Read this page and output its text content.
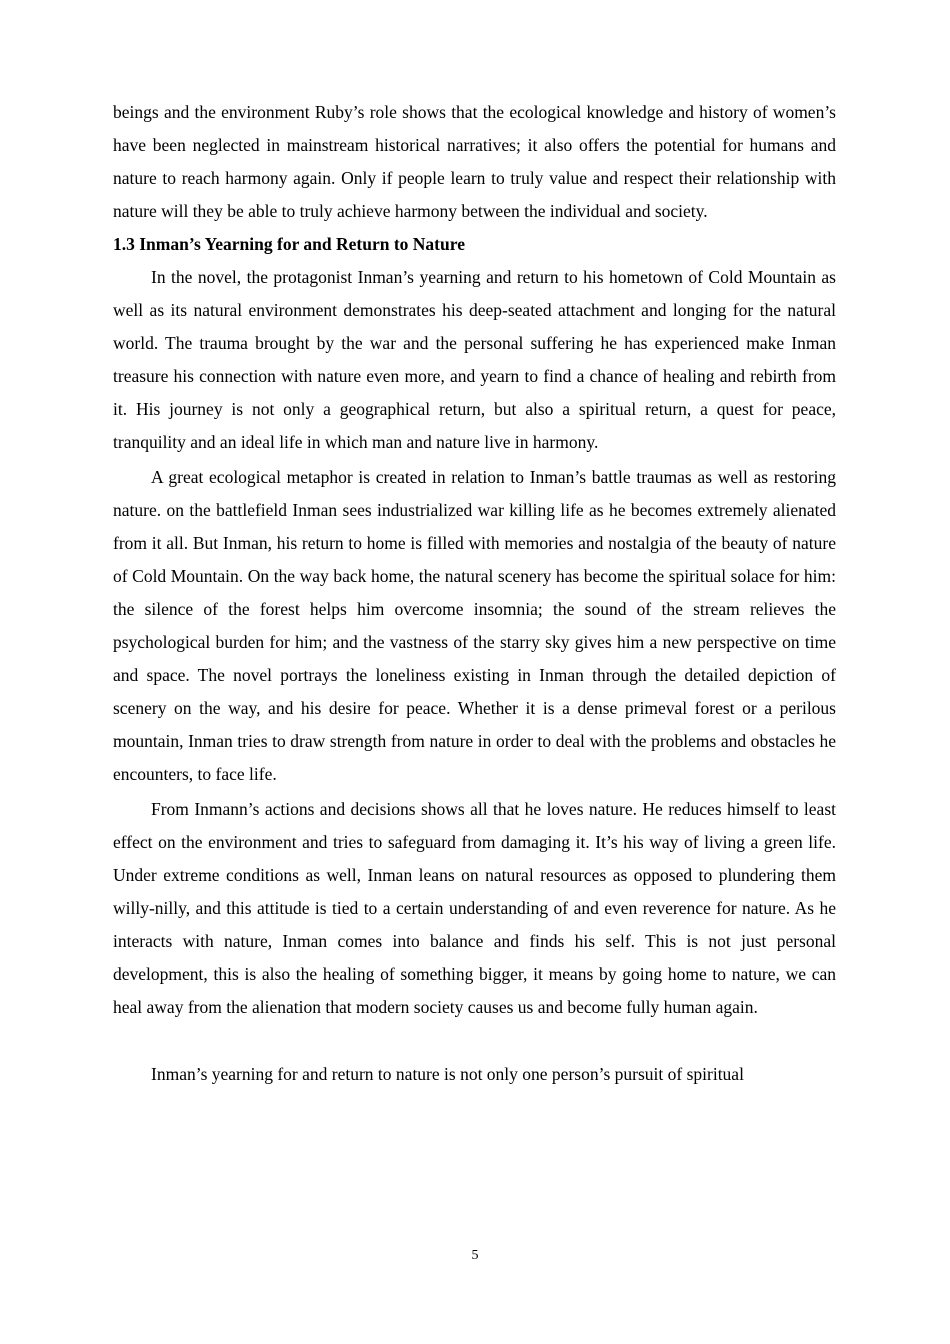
beings and the environment Ruby’s role shows that the ecological knowledge and history of women’s have been neglected in mainstream historical narratives; it also offers the potential for humans and nature to reach harmony again. Only if people learn to truly value and respect their relationship with nature will they be able to truly achieve harmony between the individual and society.

1.3 Inman’s Yearning for and Return to Nature

In the novel, the protagonist Inman’s yearning and return to his hometown of Cold Mountain as well as its natural environment demonstrates his deep-seated attachment and longing for the natural world. The trauma brought by the war and the personal suffering he has experienced make Inman treasure his connection with nature even more, and yearn to find a chance of healing and rebirth from it. His journey is not only a geographical return, but also a spiritual return, a quest for peace, tranquility and an ideal life in which man and nature live in harmony.

A great ecological metaphor is created in relation to Inman’s battle traumas as well as restoring nature. on the battlefield Inman sees industrialized war killing life as he becomes extremely alienated from it all. But Inman, his return to home is filled with memories and nostalgia of the beauty of nature of Cold Mountain. On the way back home, the natural scenery has become the spiritual solace for him: the silence of the forest helps him overcome insomnia; the sound of the stream relieves the psychological burden for him; and the vastness of the starry sky gives him a new perspective on time and space. The novel portrays the loneliness existing in Inman through the detailed depiction of scenery on the way, and his desire for peace. Whether it is a dense primeval forest or a perilous mountain, Inman tries to draw strength from nature in order to deal with the problems and obstacles he encounters, to face life.

From Inmann’s actions and decisions shows all that he loves nature. He reduces himself to least effect on the environment and tries to safeguard from damaging it. It’s his way of living a green life. Under extreme conditions as well, Inman leans on natural resources as opposed to plundering them willy-nilly, and this attitude is tied to a certain understanding of and even reverence for nature. As he interacts with nature, Inman comes into balance and finds his self. This is not just personal development, this is also the healing of something bigger, it means by going home to nature, we can heal away from the alienation that modern society causes us and become fully human again.

Inman’s yearning for and return to nature is not only one person’s pursuit of spiritual

5
